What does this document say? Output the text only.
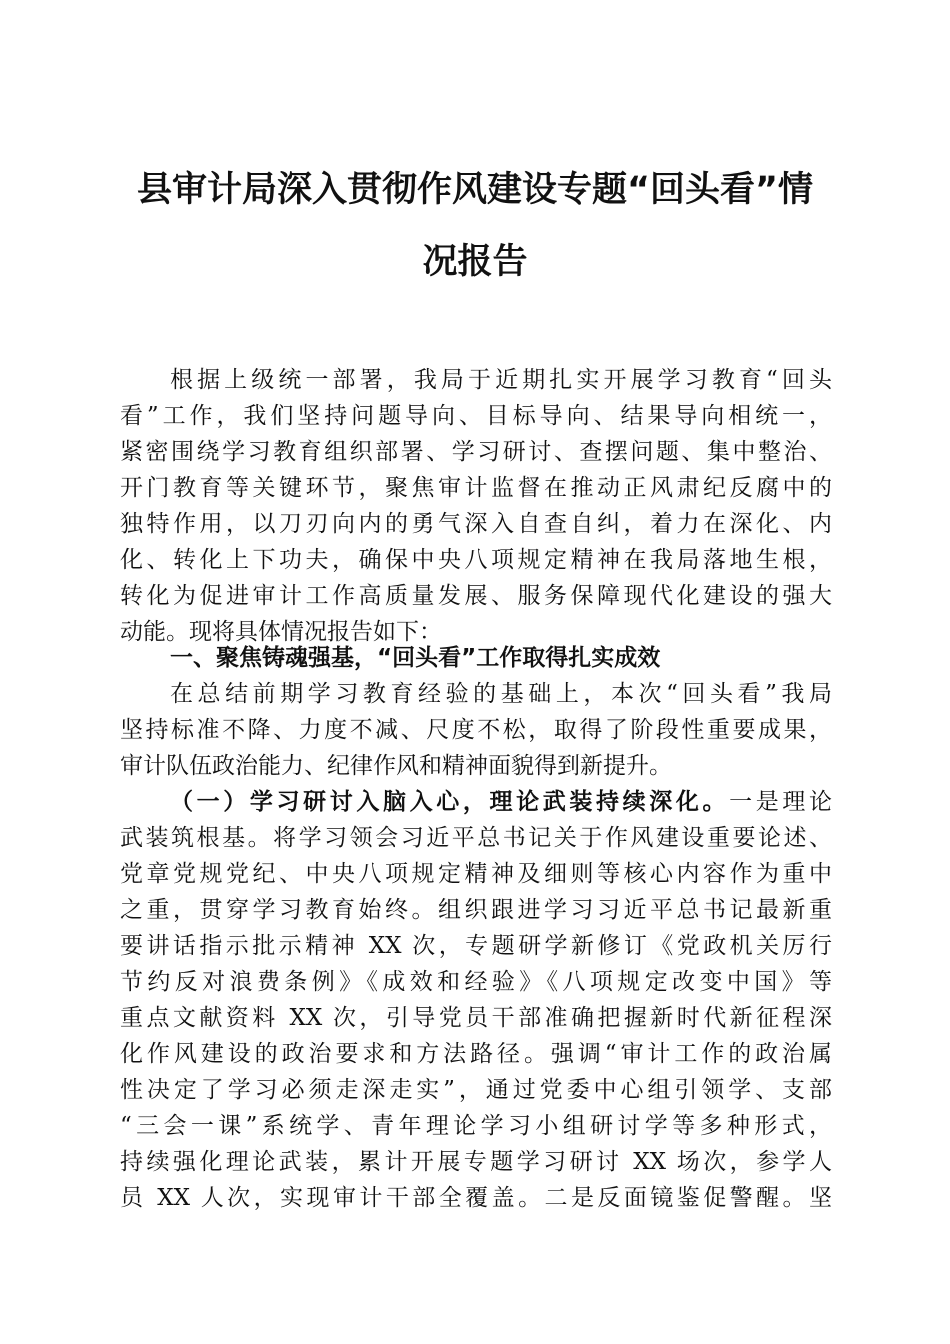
县审计局深入贯彻作风建设专题“回头看”情
况报告
根据上级统一部署，我局于近期扎实开展学习教育“回头
看”工作，我们坚持问题导向、目标导向、结果导向相统一，
紧密围绕学习教育组织部署、学习研讨、查摆问题、集中整治、
开门教育等关键环节，聚焦审计监督在推动正风肃纪反腐中的
独特作用，以刀刃向内的勇气深入自查自纠，着力在深化、内
化、转化上下功夫，确保中央八项规定精神在我局落地生根，
转化为促进审计工作高质量发展、服务保障现代化建设的强大
动能。现将具体情况报告如下：
一、聚焦铸魂强基，“回头看”工作取得扎实成效
在总结前期学习教育经验的基础上，本次“回头看”我局
坚持标准不降、力度不减、尺度不松，取得了阶段性重要成果，
审计队伍政治能力、纪律作风和精神面貌得到新提升。
（一）学习研讨入脑入心，理论武装持续深化。一是理论
武装筑根基。将学习领会习近平总书记关于作风建设重要论述、
党章党规党纪、中央八项规定精神及细则等核心内容作为重中
之重，贯穿学习教育始终。组织跟进学习习近平总书记最新重
要讲话指示批示精神 XX 次，专题研学新修订《党政机关厉行
节约反对浪费条例》《成效和经验》《八项规定改变中国》等
重点文献资料 XX 次，引导党员干部准确把握新时代新征程深
化作风建设的政治要求和方法路径。强调“审计工作的政治属
性决定了学习必须走深走实”，通过党委中心组引领学、支部
“三会一课”系统学、青年理论学习小组研讨学等多种形式，
持续强化理论武装，累计开展专题学习研讨 XX 场次，参学人
员 XX 人次，实现审计干部全覆盖。二是反面镜鉴促警醒。坚
